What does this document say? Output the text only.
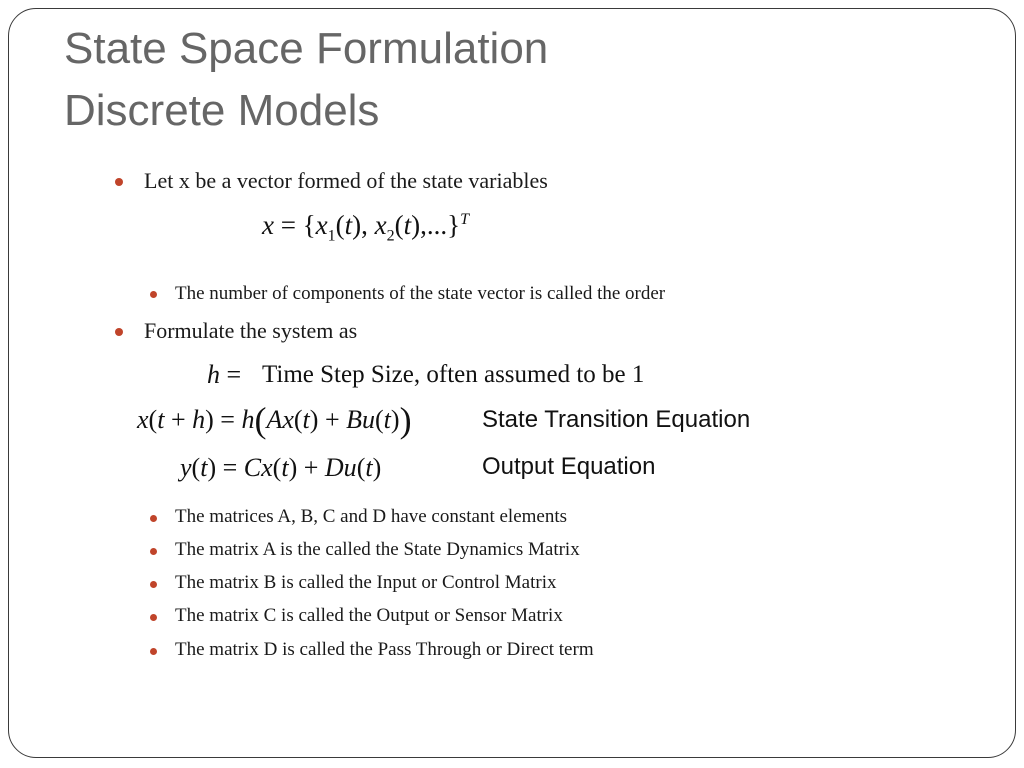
State Space Formulation
Discrete Models
Let x be a vector formed of the state variables
$x = \{x_1(t)$, $x_2(t),...\}^T$
The number of components of the state vector is called the order
Formulate the system as
h = Time Step Size, often assumed to be 1
x(t + h) = h(Ax(t) + Bu(t))	State Transition Equation
y(t) = Cx(t) + Du(t)	Output Equation
The matrices A, B, C and D have constant elements
The matrix A is the called the State Dynamics Matrix
The matrix B is called the Input or Control Matrix
The matrix C is called the Output or Sensor Matrix
The matrix D is called the Pass Through or Direct term
